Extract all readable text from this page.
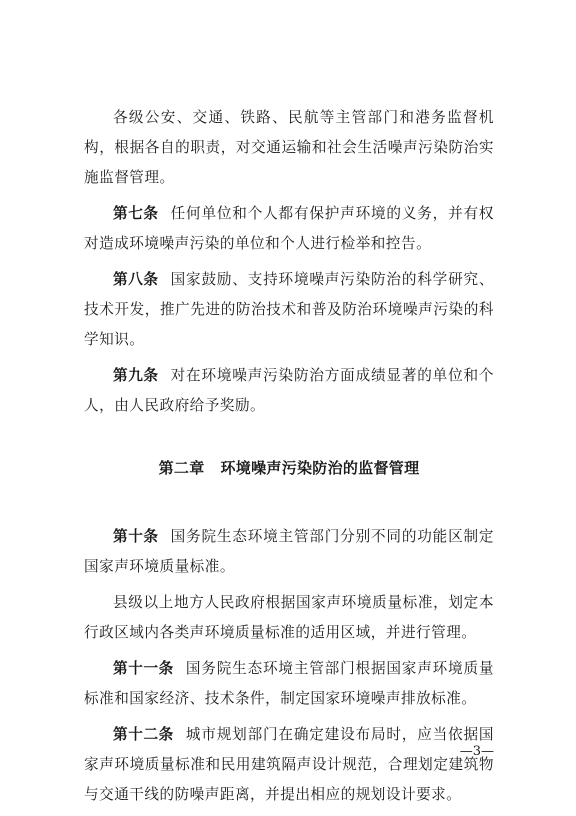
各级公安、交通、铁路、民航等主管部门和港务监督机构，根据各自的职责，对交通运输和社会生活噪声污染防治实施监督管理。

第七条 任何单位和个人都有保护声环境的义务，并有权对造成环境噪声污染的单位和个人进行检举和控告。

第八条 国家鼓励、支持环境噪声污染防治的科学研究、技术开发，推广先进的防治技术和普及防治环境噪声污染的科学知识。

第九条 对在环境噪声污染防治方面成绩显著的单位和个人，由人民政府给予奖励。

第二章 环境噪声污染防治的监督管理

第十条 国务院生态环境主管部门分别不同的功能区制定国家声环境质量标准。

县级以上地方人民政府根据国家声环境质量标准，划定本行政区域内各类声环境质量标准的适用区域，并进行管理。

第十一条 国务院生态环境主管部门根据国家声环境质量标准和国家经济、技术条件，制定国家环境噪声排放标准。

第十二条 城市规划部门在确定建设布局时，应当依据国家声环境质量标准和民用建筑隔声设计规范，合理划定建筑物与交通干线的防噪声距离，并提出相应的规划设计要求。

—3—
